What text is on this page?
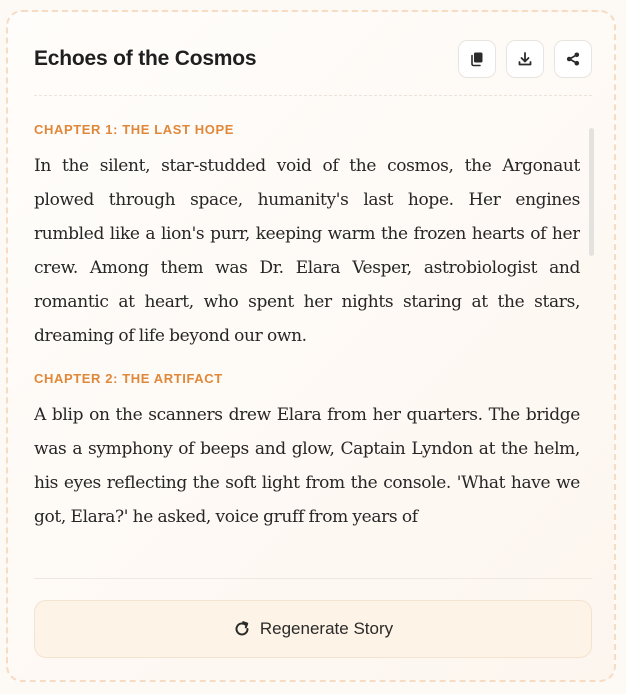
Echoes of the Cosmos
CHAPTER 1: THE LAST HOPE

In the silent, star-studded void of the cosmos, the Argonaut plowed through space, humanity's last hope. Her engines rumbled like a lion's purr, keeping warm the frozen hearts of her crew. Among them was Dr. Elara Vesper, astrobiologist and romantic at heart, who spent her nights staring at the stars, dreaming of life beyond our own.

CHAPTER 2: THE ARTIFACT

A blip on the scanners drew Elara from her quarters. The bridge was a symphony of beeps and glow, Captain Lyndon at the helm, his eyes reflecting the soft light from the console. 'What have we got, Elara?' he asked, voice gruff from years of

Regenerate Story
